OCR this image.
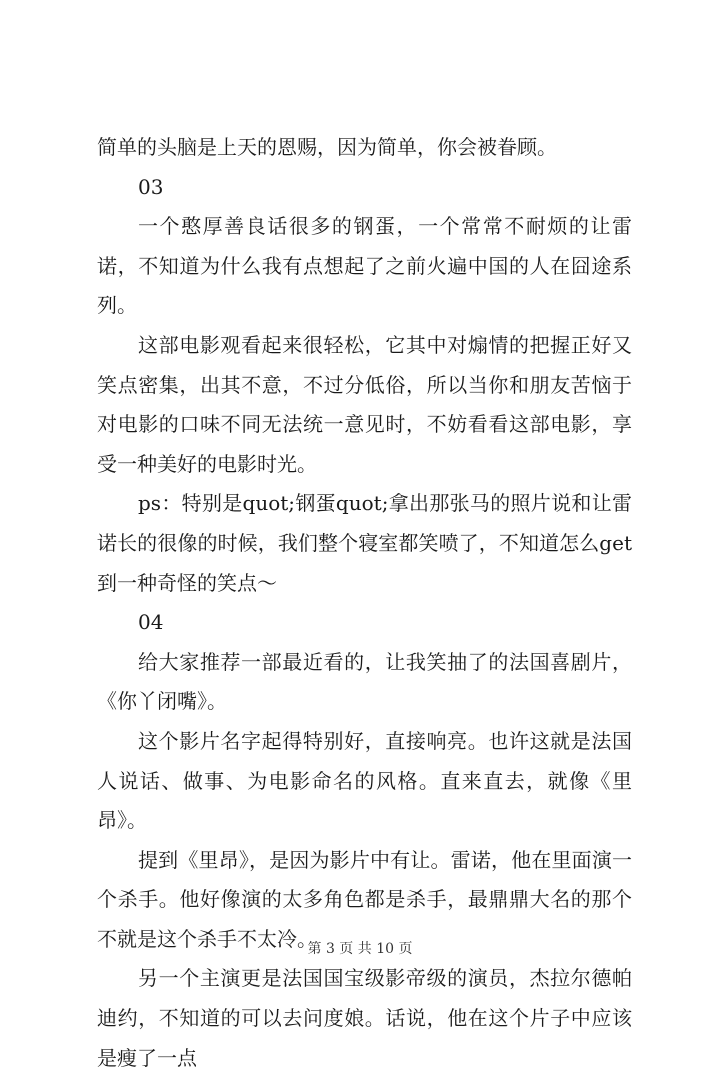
简单的头脑是上天的恩赐，因为简单，你会被眷顾。

03

一个憨厚善良话很多的钢蛋，一个常常不耐烦的让雷诺，不知道为什么我有点想起了之前火遍中国的人在囧途系列。

这部电影观看起来很轻松，它其中对煽情的把握正好又笑点密集，出其不意，不过分低俗，所以当你和朋友苦恼于对电影的口味不同无法统一意见时，不妨看看这部电影，享受一种美好的电影时光。

ps：特别是quot;钢蛋quot;拿出那张马的照片说和让雷诺长的很像的时候，我们整个寝室都笑喷了，不知道怎么get到一种奇怪的笑点～

04

给大家推荐一部最近看的，让我笑抽了的法国喜剧片，《你丫闭嘴》。

这个影片名字起得特别好，直接响亮。也许这就是法国人说话、做事、为电影命名的风格。直来直去，就像《里昂》。

提到《里昂》，是因为影片中有让。雷诺，他在里面演一个杀手。他好像演的太多角色都是杀手，最鼎鼎大名的那个不就是这个杀手不太冷。

另一个主演更是法国国宝级影帝级的演员，杰拉尔德帕迪约，不知道的可以去问度娘。话说，他在这个片子中应该是瘦了一点

第 3 页 共 10 页
